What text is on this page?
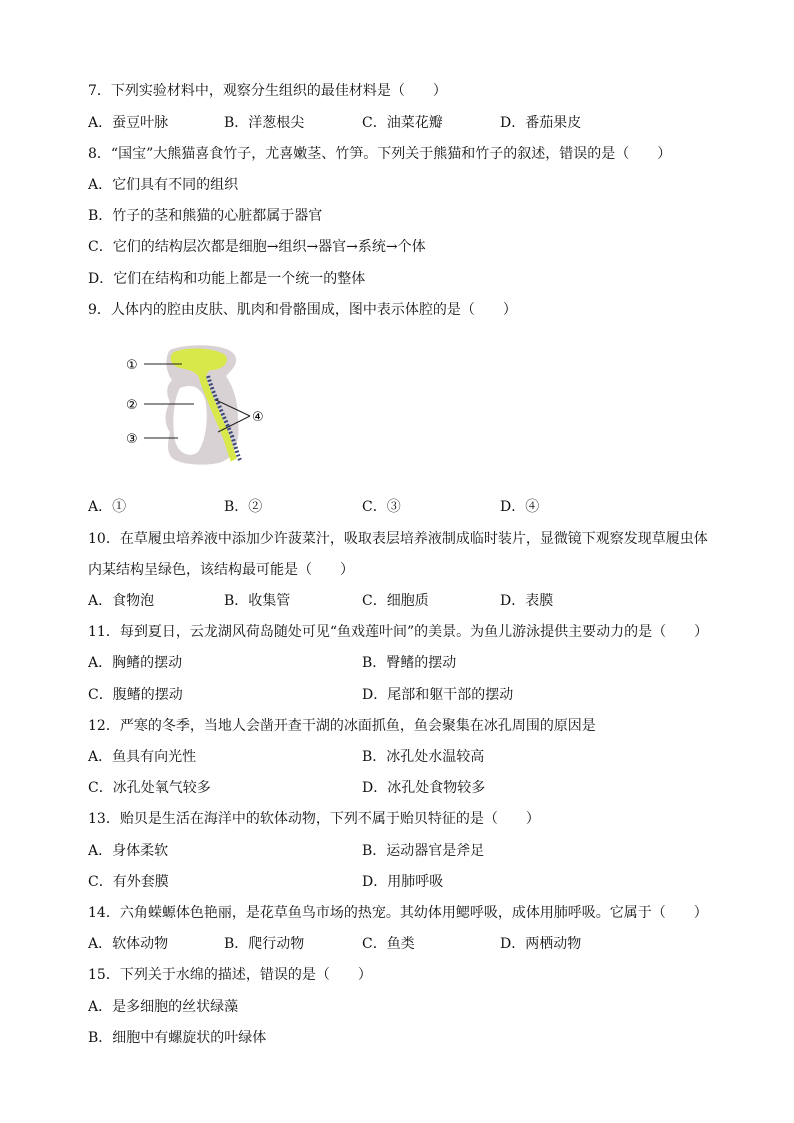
7．下列实验材料中，观察分生组织的最佳材料是（　　）
A．蚕豆叶脉	B．洋葱根尖	C．油菜花瓣	D．番茄果皮
8．“国宝”大熊猫喜食竹子，尤喜嫩茎、竹笋。下列关于熊猫和竹子的叙述，错误的是（　　）
A．它们具有不同的组织
B．竹子的茎和熊猫的心脏都属于器官
C．它们的结构层次都是细胞→组织→器官→系统→个体
D．它们在结构和功能上都是一个统一的整体
9．人体内的腔由皮肤、肌肉和骨骼围成，图中表示体腔的是（　　）
①
②
③
④
A．①	B．②	C．③	D．④
10．在草履虫培养液中添加少许菠菜汁，吸取表层培养液制成临时装片，显微镜下观察发现草履虫体
内某结构呈绿色，该结构最可能是（　　）
A．食物泡	B．收集管	C．细胞质	D．表膜
11．每到夏日，云龙湖风荷岛随处可见“鱼戏莲叶间”的美景。为鱼儿游泳提供主要动力的是（　　）
A．胸鳍的摆动	B．臀鳍的摆动
C．腹鳍的摆动	D．尾部和躯干部的摆动
12．严寒的冬季，当地人会凿开查干湖的冰面抓鱼，鱼会聚集在冰孔周围的原因是
A．鱼具有向光性	B．冰孔处水温较高
C．冰孔处氧气较多	D．冰孔处食物较多
13．贻贝是生活在海洋中的软体动物，下列不属于贻贝特征的是（　　）
A．身体柔软	B．运动器官是斧足
C．有外套膜	D．用肺呼吸
14．六角蝾螈体色艳丽，是花草鱼鸟市场的热宠。其幼体用鳃呼吸，成体用肺呼吸。它属于（　　）
A．软体动物	B．爬行动物	C．鱼类	D．两栖动物
15．下列关于水绵的描述，错误的是（　　）
A．是多细胞的丝状绿藻
B．细胞中有螺旋状的叶绿体
